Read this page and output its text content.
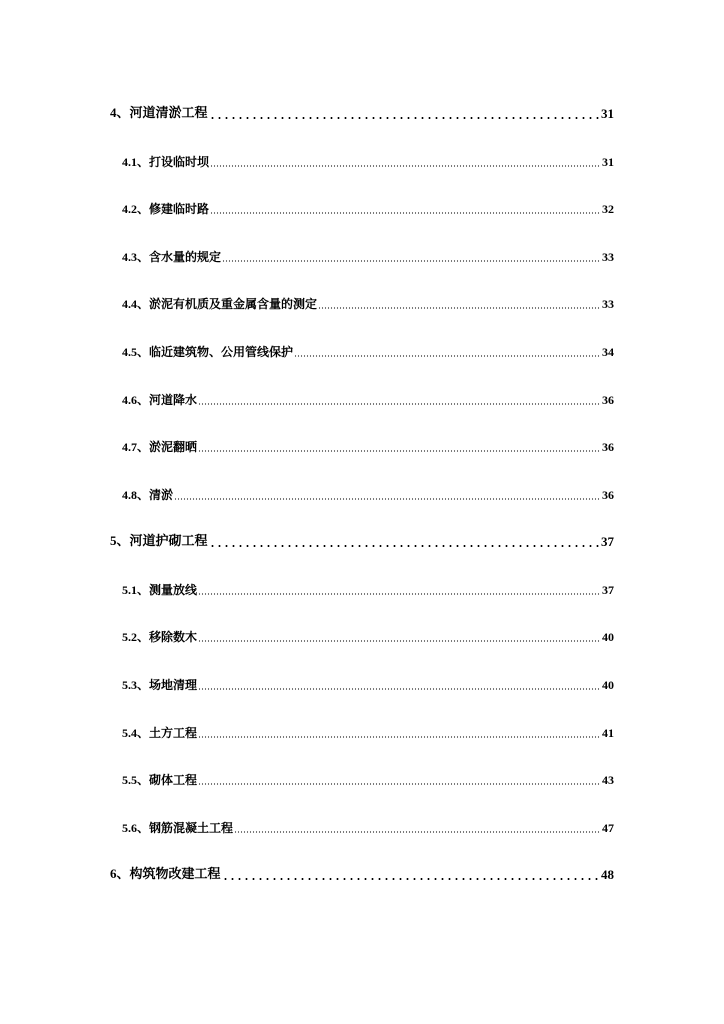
4、河道清淤工程	31
4.1、打设临时坝	31
4.2、修建临时路	32
4.3、含水量的规定	33
4.4、淤泥有机质及重金属含量的测定	33
4.5、临近建筑物、公用管线保护	34
4.6、河道降水	36
4.7、淤泥翻晒	36
4.8、清淤	36
5、河道护砌工程	37
5.1、测量放线	37
5.2、移除数木	40
5.3、场地清理	40
5.4、土方工程	41
5.5、砌体工程	43
5.6、钢筋混凝土工程	47
6、构筑物改建工程	48
